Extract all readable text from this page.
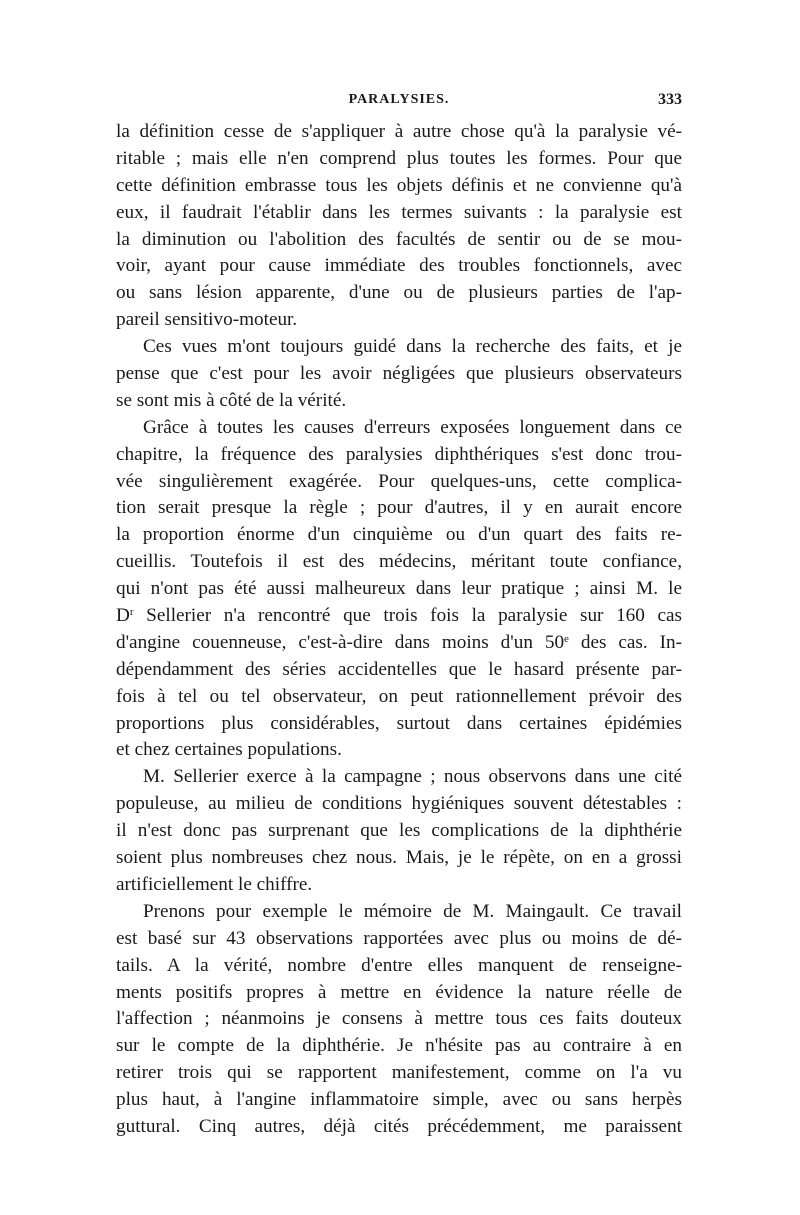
PARALYSIES.	333
la définition cesse de s'appliquer à autre chose qu'à la paralysie vé-
ritable ; mais elle n'en comprend plus toutes les formes. Pour que
cette définition embrasse tous les objets définis et ne convienne qu'à
eux, il faudrait l'établir dans les termes suivants : la paralysie est
la diminution ou l'abolition des facultés de sentir ou de se mou-
voir, ayant pour cause immédiate des troubles fonctionnels, avec
ou sans lésion apparente, d'une ou de plusieurs parties de l'ap-
pareil sensitivo-moteur.
Ces vues m'ont toujours guidé dans la recherche des faits, et je
pense que c'est pour les avoir négligées que plusieurs observateurs
se sont mis à côté de la vérité.
Grâce à toutes les causes d'erreurs exposées longuement dans ce
chapitre, la fréquence des paralysies diphthériques s'est donc trou-
vée singulièrement exagérée. Pour quelques-uns, cette complica-
tion serait presque la règle ; pour d'autres, il y en aurait encore
la proportion énorme d'un cinquième ou d'un quart des faits re-
cueillis. Toutefois il est des médecins, méritant toute confiance,
qui n'ont pas été aussi malheureux dans leur pratique ; ainsi M. le
$D^r$ Sellerier n'a rencontré que trois fois la paralysie sur 160 cas
d'angine couenneuse, c'est-à-dire dans moins d'un 50e des cas. In-
dépendamment des séries accidentelles que le hasard présente par-
fois à tel ou tel observateur, on peut rationnellement prévoir des
proportions plus considérables, surtout dans certaines épidémies
et chez certaines populations.
M. Sellerier exerce à la campagne ; nous observons dans une cité
populeuse, au milieu de conditions hygiéniques souvent détestables :
il n'est donc pas surprenant que les complications de la diphthérie
soient plus nombreuses chez nous. Mais, je le répète, on en a grossi
artificiellement le chiffre.
Prenons pour exemple le mémoire de M. Maingault. Ce travail
est basé sur 43 observations rapportées avec plus ou moins de dé-
tails. A la vérité, nombre d'entre elles manquent de renseigne-
ments positifs propres à mettre en évidence la nature réelle de
l'affection ; néanmoins je consens à mettre tous ces faits douteux
sur le compte de la diphthérie. Je n'hésite pas au contraire à en
retirer trois qui se rapportent manifestement, comme on l'a vu
plus haut, à l'angine inflammatoire simple, avec ou sans herpès
guttural. Cinq autres, déjà cités précédemment, me paraissent
